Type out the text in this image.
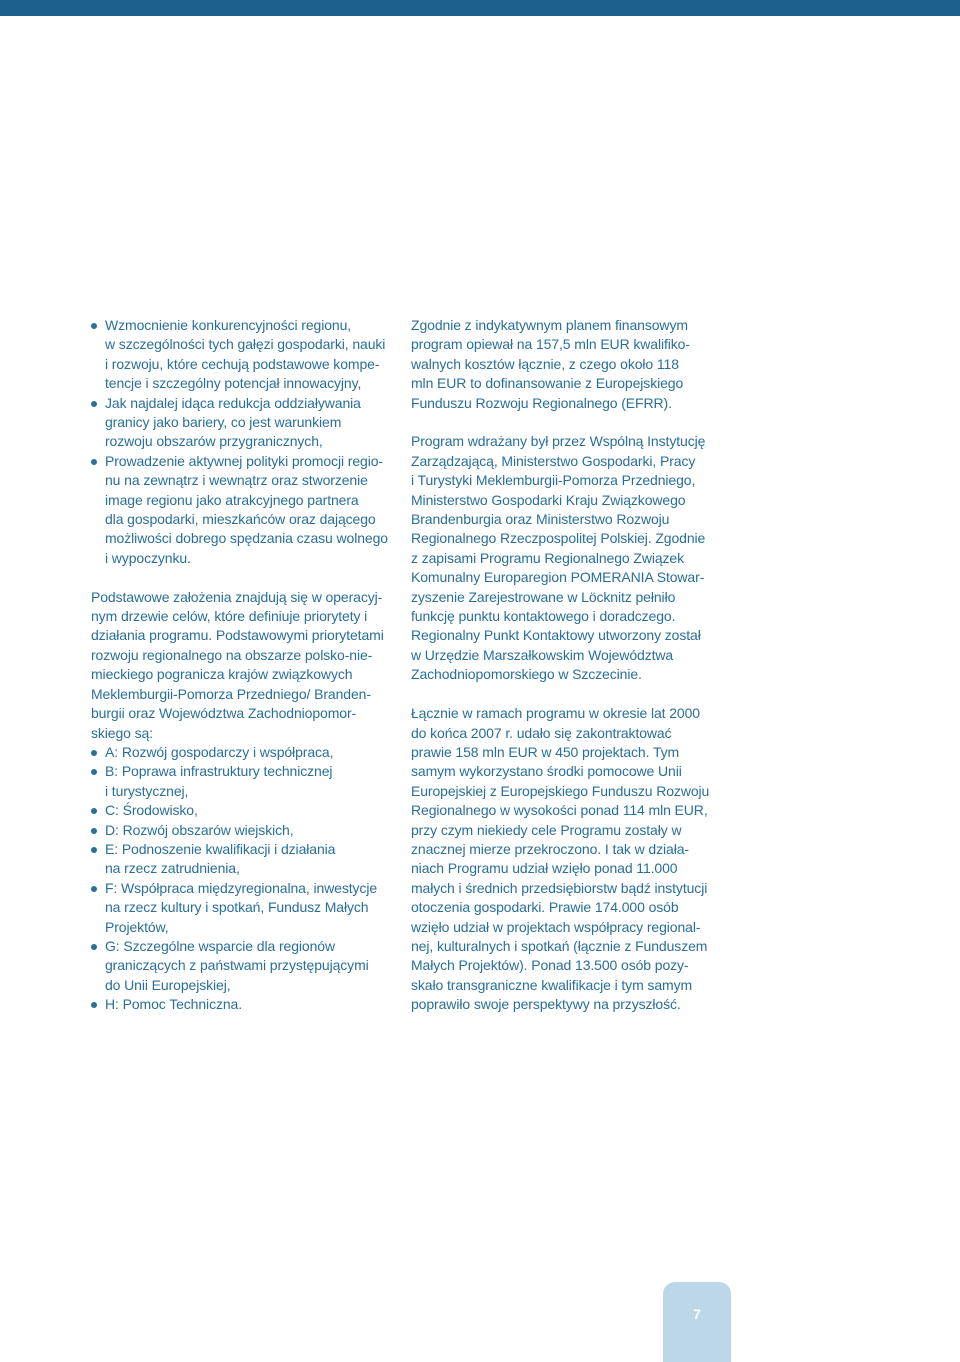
Wzmocnienie konkurencyjności regionu,
w szczególności tych gałęzi gospodarki, nauki
i rozwoju, które cechują podstawowe kompe-
tencje i szczególny potencjał innowacyjny,
Jak najdalej idąca redukcja oddziaływania
granicy jako bariery, co jest warunkiem
rozwoju obszarów przygranicznych,
Prowadzenie aktywnej polityki promocji regio-
nu na zewnątrz i wewnątrz oraz stworzenie
image regionu jako atrakcyjnego partnera
dla gospodarki, mieszkańców oraz dającego
możliwości dobrego spędzania czasu wolnego
i wypoczynku.

Podstawowe założenia znajdują się w operacyj-
nym drzewie celów, które definiuje priorytety i
działania programu. Podstawowymi priorytetami
rozwoju regionalnego na obszarze polsko-nie-
mieckiego pogranicza krajów związkowych
Meklemburgii-Pomorza Przedniego/ Branden-
burgii oraz Województwa Zachodniopomor-
skiego są:

A: Rozwój gospodarczy i współpraca,
B: Poprawa infrastruktury technicznej
i turystycznej,
C: Środowisko,
D: Rozwój obszarów wiejskich,
E: Podnoszenie kwalifikacji i działania
na rzecz zatrudnienia,
F: Współpraca międzyregionalna, inwestycje
na rzecz kultury i spotkań, Fundusz Małych
Projektów,
G: Szczególne wsparcie dla regionów
graniczących z państwami przystępującymi
do Unii Europejskiej,
H: Pomoc Techniczna.

Zgodnie z indykatywnym planem finansowym
program opiewał na 157,5 mln EUR kwalifiko-
walnych kosztów łącznie, z czego około 118
mln EUR to dofinansowanie z Europejskiego
Funduszu Rozwoju Regionalnego (EFRR).

Program wdrażany był przez Wspólną Instytucję
Zarządzającą, Ministerstwo Gospodarki, Pracy
i Turystyki Meklemburgii-Pomorza Przedniego,
Ministerstwo Gospodarki Kraju Związkowego
Brandenburgia oraz Ministerstwo Rozwoju
Regionalnego Rzeczpospolitej Polskiej. Zgodnie
z zapisami Programu Regionalnego Związek
Komunalny Europaregion POMERANIA Stowar-
zyszenie Zarejestrowane w Löcknitz pełniło
funkcję punktu kontaktowego i doradczego.
Regionalny Punkt Kontaktowy utworzony został
w Urzędzie Marszałkowskim Województwa
Zachodniopomorskiego w Szczecinie.

Łącznie w ramach programu w okresie lat 2000
do końca 2007 r. udało się zakontraktować
prawie 158 mln EUR w 450 projektach. Tym
samym wykorzystano środki pomocowe Unii
Europejskiej z Europejskiego Funduszu Rozwoju
Regionalnego w wysokości ponad 114 mln EUR,
przy czym niekiedy cele Programu zostały w
znacznej mierze przekroczono. I tak w działa-
niach Programu udział wzięło ponad 11.000
małych i średnich przedsiębiorstw bądź instytucji
otoczenia gospodarki. Prawie 174.000 osób
wzięło udział w projektach współpracy regional-
nej, kulturalnych i spotkań (łącznie z Funduszem
Małych Projektów). Ponad 13.500 osób pozy-
skało transgraniczne kwalifikacje i tym samym
poprawiło swoje perspektywy na przyszłość.

7
